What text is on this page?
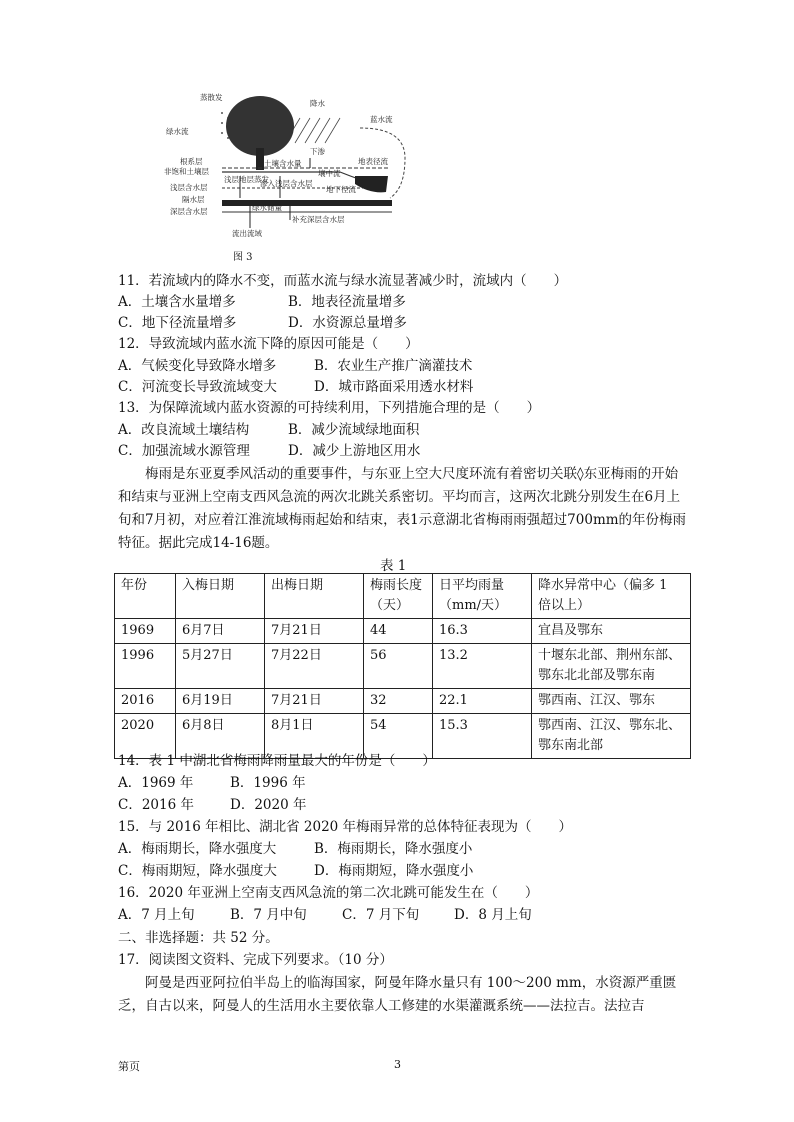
蒸散发
降水
绿水流
蓝水流
根系层
非饱和土壤层
浅层含水层
隔水层
深层含水层
下渗
地表径流
土壤含水量
壤中流
浅层地层蒸发
渗入浅层含水层
地下径流
绿水储量
补充深层含水层
流出流域
图 3
11．若流域内的降水不变，而蓝水流与绿水流显著减少时，流域内（　　）
A．土壤含水量增多	B．地表径流量增多
C．地下径流量增多	D．水资源总量增多
12．导致流域内蓝水流下降的原因可能是（　　）
A．气候变化导致降水增多	B．农业生产推广滴灌技术
C．河流变长导致流域变大	D．城市路面采用透水材料
13．为保障流域内蓝水资源的可持续利用，下列措施合理的是（　　）
A．改良流域土壤结构	B．减少流域绿地面积
C．加强流域水源管理	D．减少上游地区用水
梅雨是东亚夏季风活动的重要事件，与东亚上空大尺度环流有着密切关联◊东亚梅雨的开始和结束与亚洲上空南支西风急流的两次北跳关系密切。平均而言，这两次北跳分别发生在6月上旬和7月初，对应着江淮流域梅雨起始和结束，表1示意湖北省梅雨雨强超过700mm的年份梅雨特征。据此完成14-16题。
表 1
年份	入梅日期	出梅日期	梅雨长度（天）	日平均雨量（mm/天）	降水异常中心（偏多 1 倍以上）
1969	6月7日	7月21日	44	16.3	宜昌及鄂东
1996	5月27日	7月22日	56	13.2	十堰东北部、荆州东部、鄂东北北部及鄂东南
2016	6月19日	7月21日	32	22.1	鄂西南、江汉、鄂东
2020	6月8日	8月1日	54	15.3	鄂西南、江汉、鄂东北、鄂东南北部
14．表 1 中湖北省梅雨降雨量最大的年份是（　　）
A．1969 年	B．1996 年
C．2016 年	D．2020 年
15．与 2016 年相比、湖北省 2020 年梅雨异常的总体特征表现为（　　）
A．梅雨期长，降水强度大	B．梅雨期长，降水强度小
C．梅雨期短，降水强度大	D．梅雨期短，降水强度小
16．2020 年亚洲上空南支西风急流的第二次北跳可能发生在（　　）
A．7 月上旬	B．7 月中旬	C．7 月下旬	D．8 月上旬
二、非选择题：共 52 分。
17．阅读图文资料、完成下列要求。（10 分）
阿曼是西亚阿拉伯半岛上的临海国家，阿曼年降水量只有 100～200 mm，水资源严重匮乏，自古以来，阿曼人的生活用水主要依靠人工修建的水渠灌溉系统——法拉吉。法拉吉
第页	3
